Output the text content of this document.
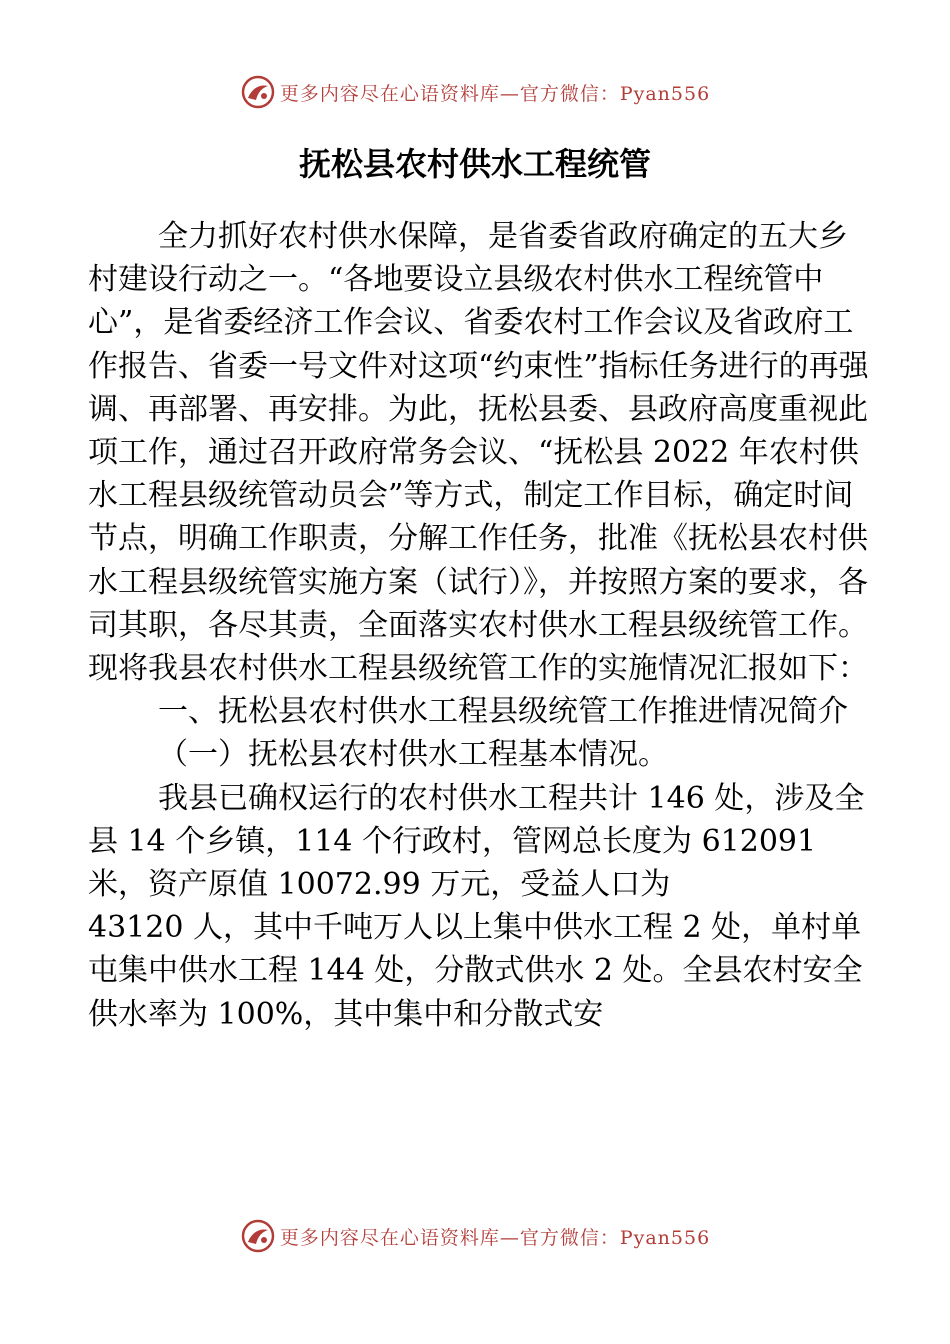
更多内容尽在心语资料库—官方微信：Pyan556
抚松县农村供水工程统管

全力抓好农村供水保障，是省委省政府确定的五大乡村建设行动之一。“各地要设立县级农村供水工程统管中心”，是省委经济工作会议、省委农村工作会议及省政府工作报告、省委一号文件对这项“约束性”指标任务进行的再强调、再部署、再安排。为此，抚松县委、县政府高度重视此项工作，通过召开政府常务会议、“抚松县 2022 年农村供水工程县级统管动员会”等方式，制定工作目标，确定时间节点，明确工作职责，分解工作任务，批准《抚松县农村供水工程县级统管实施方案（试行）》，并按照方案的要求，各司其职，各尽其责，全面落实农村供水工程县级统管工作。现将我县农村供水工程县级统管工作的实施情况汇报如下：

一、抚松县农村供水工程县级统管工作推进情况简介

（一）抚松县农村供水工程基本情况。

我县已确权运行的农村供水工程共计 146 处，涉及全县 14 个乡镇，114 个行政村，管网总长度为 612091 米，资产原值 10072.99 万元，受益人口为

43120 人，其中千吨万人以上集中供水工程 2 处，单村单屯集中供水工程 144 处，分散式供水 2 处。全县农村安全供水率为 100%，其中集中和分散式安

更多内容尽在心语资料库—官方微信：Pyan556
